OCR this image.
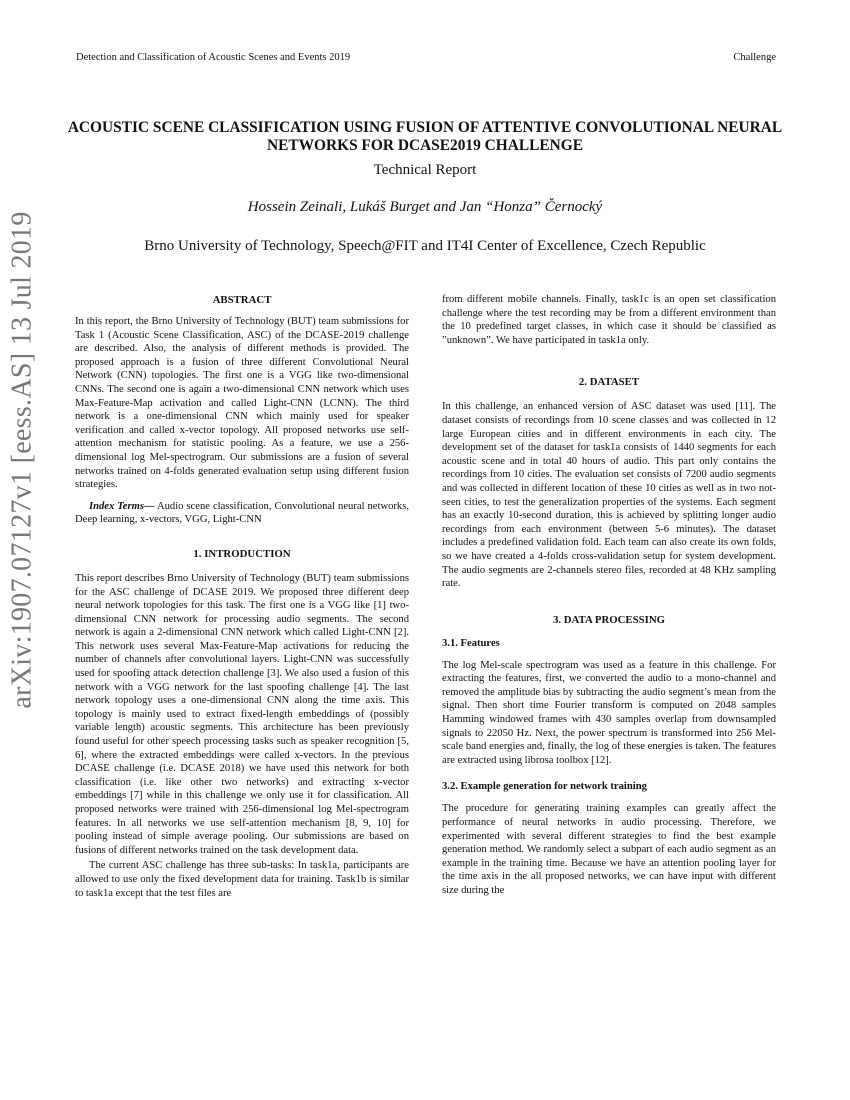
Detection and Classification of Acoustic Scenes and Events 2019	Challenge
arXiv:1907.07127v1 [eess.AS] 13 Jul 2019
ACOUSTIC SCENE CLASSIFICATION USING FUSION OF ATTENTIVE CONVOLUTIONAL NEURAL NETWORKS FOR DCASE2019 CHALLENGE
Technical Report
Hossein Zeinali, Lukáš Burget and Jan “Honza” Černocký
Brno University of Technology, Speech@FIT and IT4I Center of Excellence, Czech Republic
ABSTRACT

In this report, the Brno University of Technology (BUT) team submissions for Task 1 (Acoustic Scene Classification, ASC) of the DCASE-2019 challenge are described. Also, the analysis of different methods is provided. The proposed approach is a fusion of three different Convolutional Neural Network (CNN) topologies. The first one is a VGG like two-dimensional CNNs. The second one is again a two-dimensional CNN network which uses Max-Feature-Map activation and called Light-CNN (LCNN). The third network is a one-dimensional CNN which mainly used for speaker verification and called x-vector topology. All proposed networks use self-attention mechanism for statistic pooling. As a feature, we use a 256-dimensional log Mel-spectrogram. Our submissions are a fusion of several networks trained on 4-folds generated evaluation setup using different fusion strategies.

Index Terms— Audio scene classification, Convolutional neural networks, Deep learning, x-vectors, VGG, Light-CNN

1. INTRODUCTION

This report describes Brno University of Technology (BUT) team submissions for the ASC challenge of DCASE 2019. We proposed three different deep neural network topologies for this task. The first one is a VGG like [1] two-dimensional CNN network for processing audio segments. The second network is again a 2-dimensional CNN network which called Light-CNN [2]. This network uses several Max-Feature-Map activations for reducing the number of channels after convolutional layers. Light-CNN was successfully used for spoofing attack detection challenge [3]. We also used a fusion of this network with a VGG network for the last spoofing challenge [4]. The last network topology uses a one-dimensional CNN along the time axis. This topology is mainly used to extract fixed-length embeddings of (possibly variable length) acoustic segments. This architecture has been previously found useful for other speech processing tasks such as speaker recognition [5, 6], where the extracted embeddings were called x-vectors. In the previous DCASE challenge (i.e. DCASE 2018) we have used this network for both classification (i.e. like other two networks) and extracting x-vector embeddings [7] while in this challenge we only use it for classification. All proposed networks were trained with 256-dimensional log Mel-spectrogram features. In all networks we use self-attention mechanism [8, 9, 10] for pooling instead of simple average pooling. Our submissions are based on fusions of different networks trained on the task development data.

The current ASC challenge has three sub-tasks: In task1a, participants are allowed to use only the fixed development data for training. Task1b is similar to task1a except that the test files are

from different mobile channels. Finally, task1c is an open set classification challenge where the test recording may be from a different environment than the 10 predefined target classes, in which case it should be classified as ”unknown”. We have participated in task1a only.

2. DATASET

In this challenge, an enhanced version of ASC dataset was used [11]. The dataset consists of recordings from 10 scene classes and was collected in 12 large European cities and in different environments in each city. The development set of the dataset for task1a consists of 1440 segments for each acoustic scene and in total 40 hours of audio. This part only contains the recordings from 10 cities. The evaluation set consists of 7200 audio segments and was collected in different location of these 10 cities as well as in two not-seen cities, to test the generalization properties of the systems. Each segment has an exactly 10-second duration, this is achieved by splitting longer audio recordings from each environment (between 5-6 minutes). The dataset includes a predefined validation fold. Each team can also create its own folds, so we have created a 4-folds cross-validation setup for system development. The audio segments are 2-channels stereo files, recorded at 48 KHz sampling rate.

3. DATA PROCESSING
3.1. Features

The log Mel-scale spectrogram was used as a feature in this challenge. For extracting the features, first, we converted the audio to a mono-channel and removed the amplitude bias by subtracting the audio segment’s mean from the signal. Then short time Fourier transform is computed on 2048 samples Hamming windowed frames with 430 samples overlap from downsampled signals to 22050 Hz. Next, the power spectrum is transformed into 256 Mel-scale band energies and, finally, the log of these energies is taken. The features are extracted using librosa toolbox [12].

3.2. Example generation for network training

The procedure for generating training examples can greatly affect the performance of neural networks in audio processing. Therefore, we experimented with several different strategies to find the best example generation method. We randomly select a subpart of each audio segment as an example in the training time. Because we have an attention pooling layer for the time axis in the all proposed networks, we can have input with different size during the
